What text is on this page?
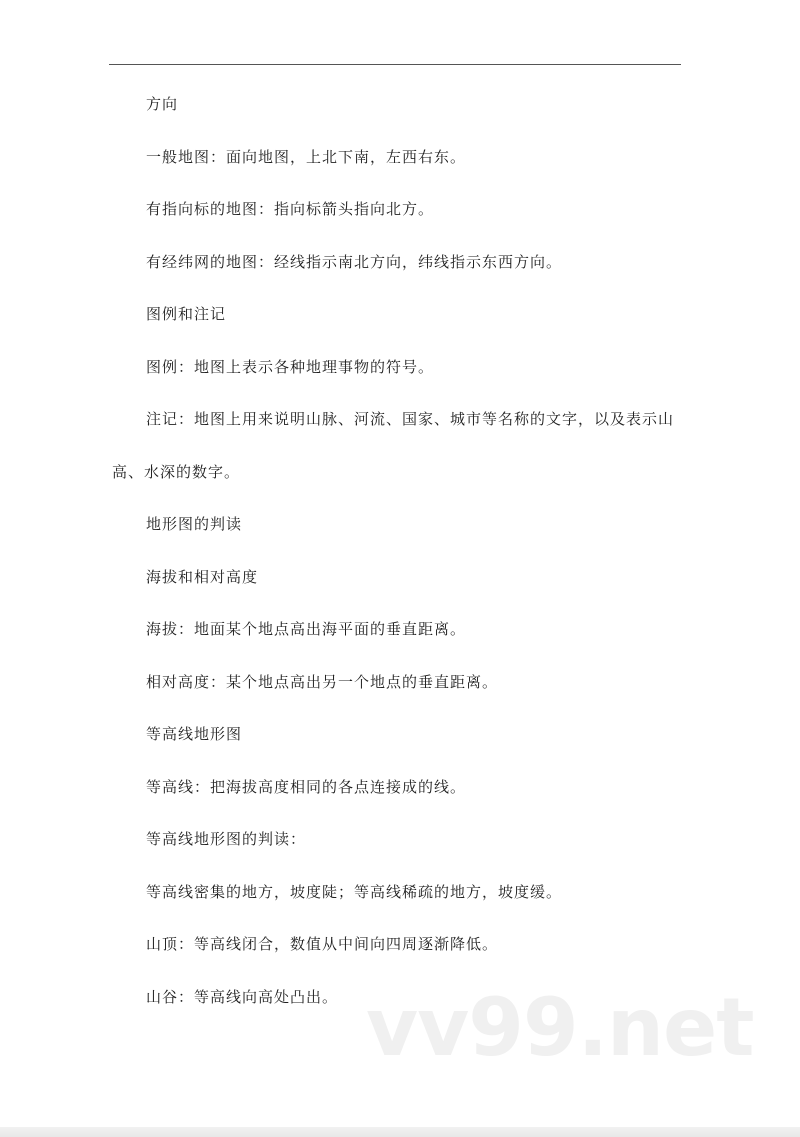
方向

一般地图：面向地图，上北下南，左西右东。

有指向标的地图：指向标箭头指向北方。

有经纬网的地图：经线指示南北方向，纬线指示东西方向。

图例和注记

图例：地图上表示各种地理事物的符号。

注记：地图上用来说明山脉、河流、国家、城市等名称的文字，以及表示山高、水深的数字。

地形图的判读

海拔和相对高度

海拔：地面某个地点高出海平面的垂直距离。

相对高度：某个地点高出另一个地点的垂直距离。

等高线地形图

等高线：把海拔高度相同的各点连接成的线。

等高线地形图的判读：

等高线密集的地方，坡度陡；等高线稀疏的地方，坡度缓。

山顶：等高线闭合，数值从中间向四周逐渐降低。

山谷：等高线向高处凸出。 vv99.net
